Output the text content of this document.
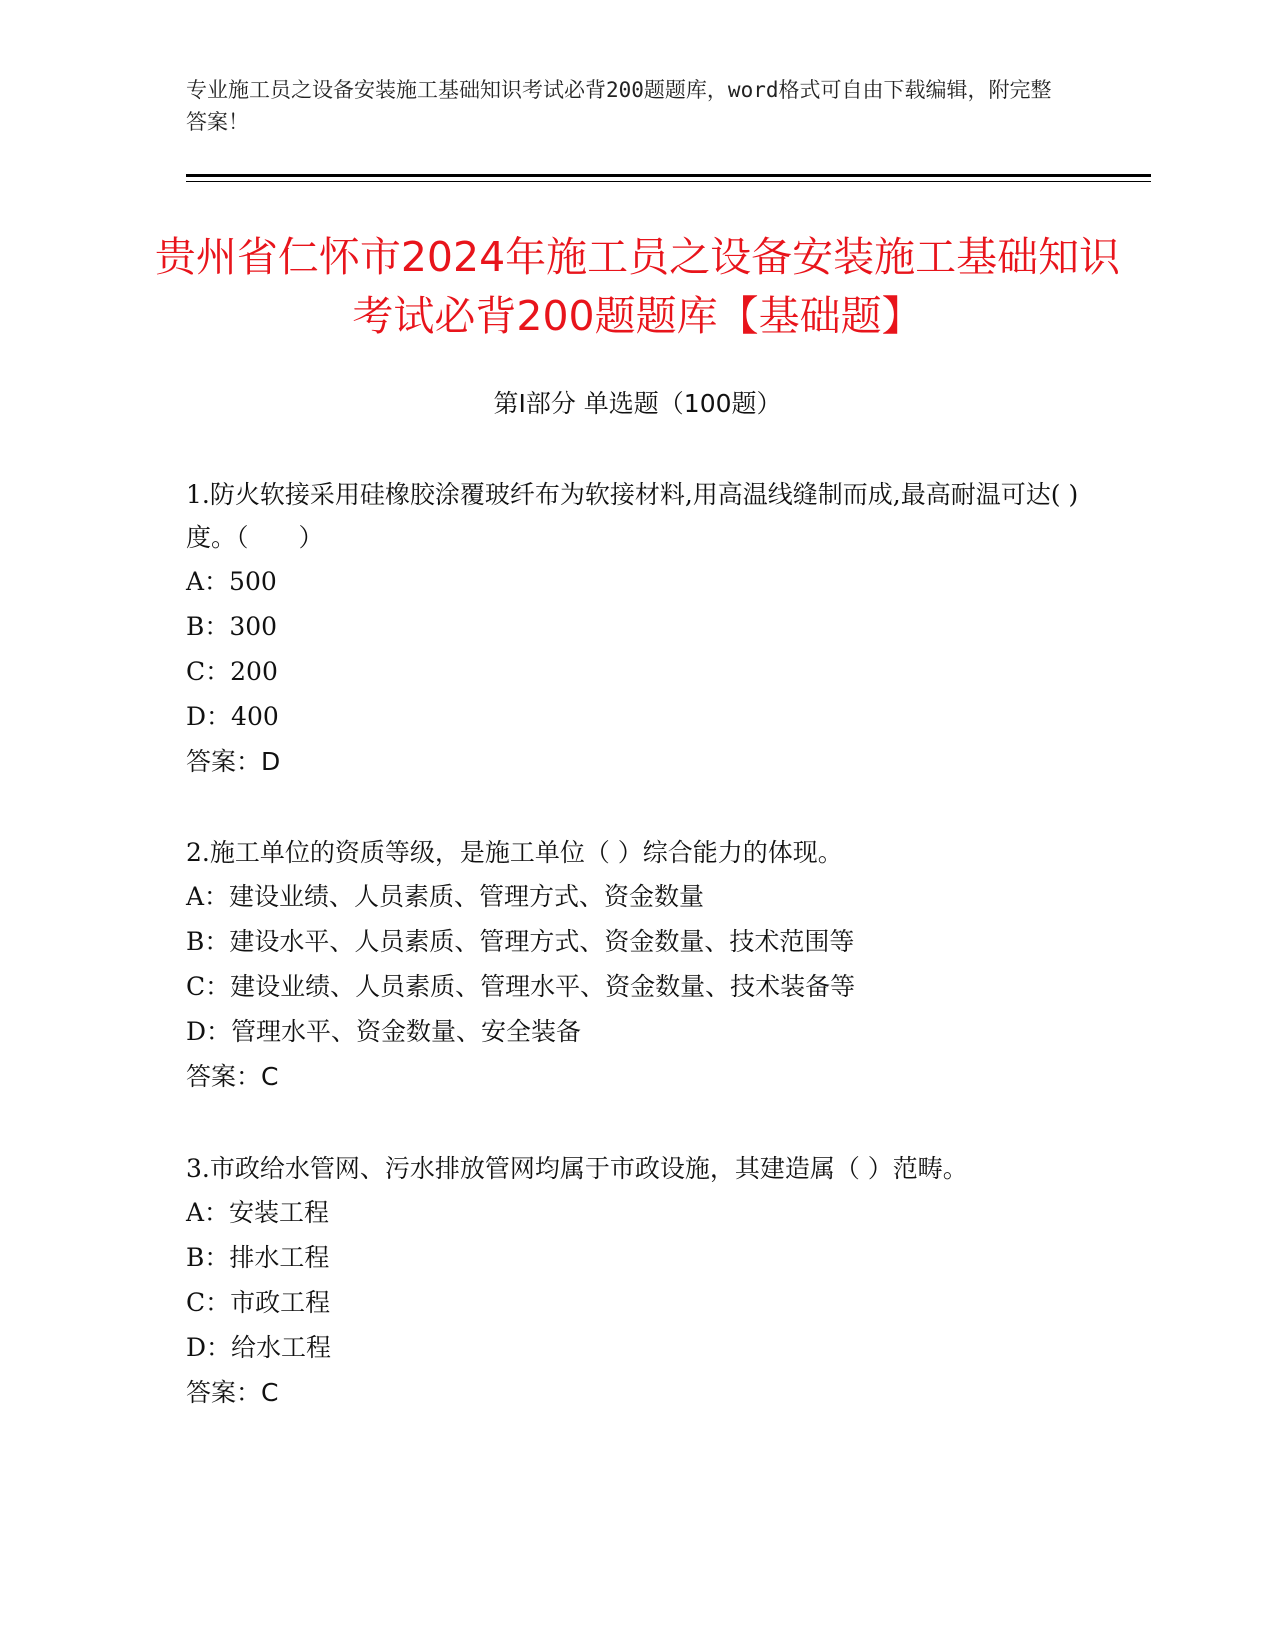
专业施工员之设备安装施工基础知识考试必背200题题库，word格式可自由下载编辑，附完整答案！
贵州省仁怀市2024年施工员之设备安装施工基础知识考试必背200题题库【基础题】
第I部分 单选题（100题）

1.防火软接采用硅橡胶涂覆玻纤布为软接材料,用高温线缝制而成,最高耐温可达( )度。（　　）

A：500
B：300
C：200
D：400
答案：D

2.施工单位的资质等级，是施工单位（ ）综合能力的体现。

A：建设业绩、人员素质、管理方式、资金数量
B：建设水平、人员素质、管理方式、资金数量、技术范围等
C：建设业绩、人员素质、管理水平、资金数量、技术装备等
D：管理水平、资金数量、安全装备
答案：C

3.市政给水管网、污水排放管网均属于市政设施，其建造属（ ）范畴。

A：安装工程
B：排水工程
C：市政工程
D：给水工程
答案：C
